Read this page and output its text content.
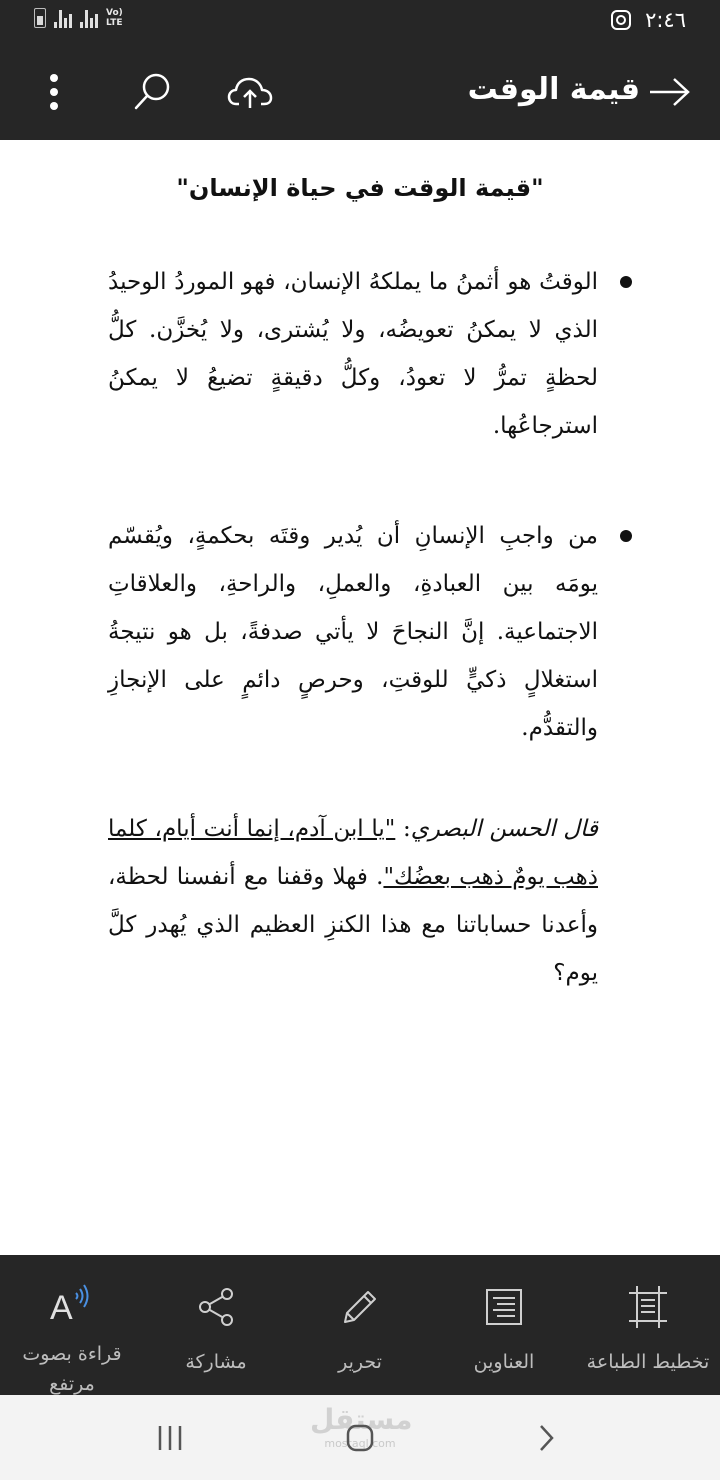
Vo) LTE	٢:٤٦
قيمة الوقت
"قيمة الوقت في حياة الإنسان"
الوقتُ هو أثمنُ ما يملكهُ الإنسان، فهو الموردُ الوحيدُ الذي لا يمكنُ تعويضُه، ولا يُشترى، ولا يُخزَّن. كلُّ لحظةٍ تمرُّ لا تعودُ، وكلُّ دقيقةٍ تضيعُ لا يمكنُ استرجاعُها.
من واجبِ الإنسانِ أن يُدير وقتَه بحكمةٍ، ويُقسّم يومَه بين العبادةِ، والعملِ، والراحةِ، والعلاقاتِ الاجتماعية. إنَّ النجاحَ لا يأتي صدفةً، بل هو نتيجةُ استغلالٍ ذكيٍّ للوقتِ، وحرصٍ دائمٍ على الإنجازِ والتقدُّم.
قال الحسن البصري: "يا ابن آدم، إنما أنت أيام، كلما ذهب يومٌ ذهب بعضُك". فهلا وقفنا مع أنفسنا لحظة، وأعدنا حساباتنا مع هذا الكنزِ العظيم الذي يُهدر كلَّ يوم؟
تخطيط الطباعة
العناوين
تحرير
مشاركة
A
قراءة بصوت مرتفع
مستقل
mostaql.com
